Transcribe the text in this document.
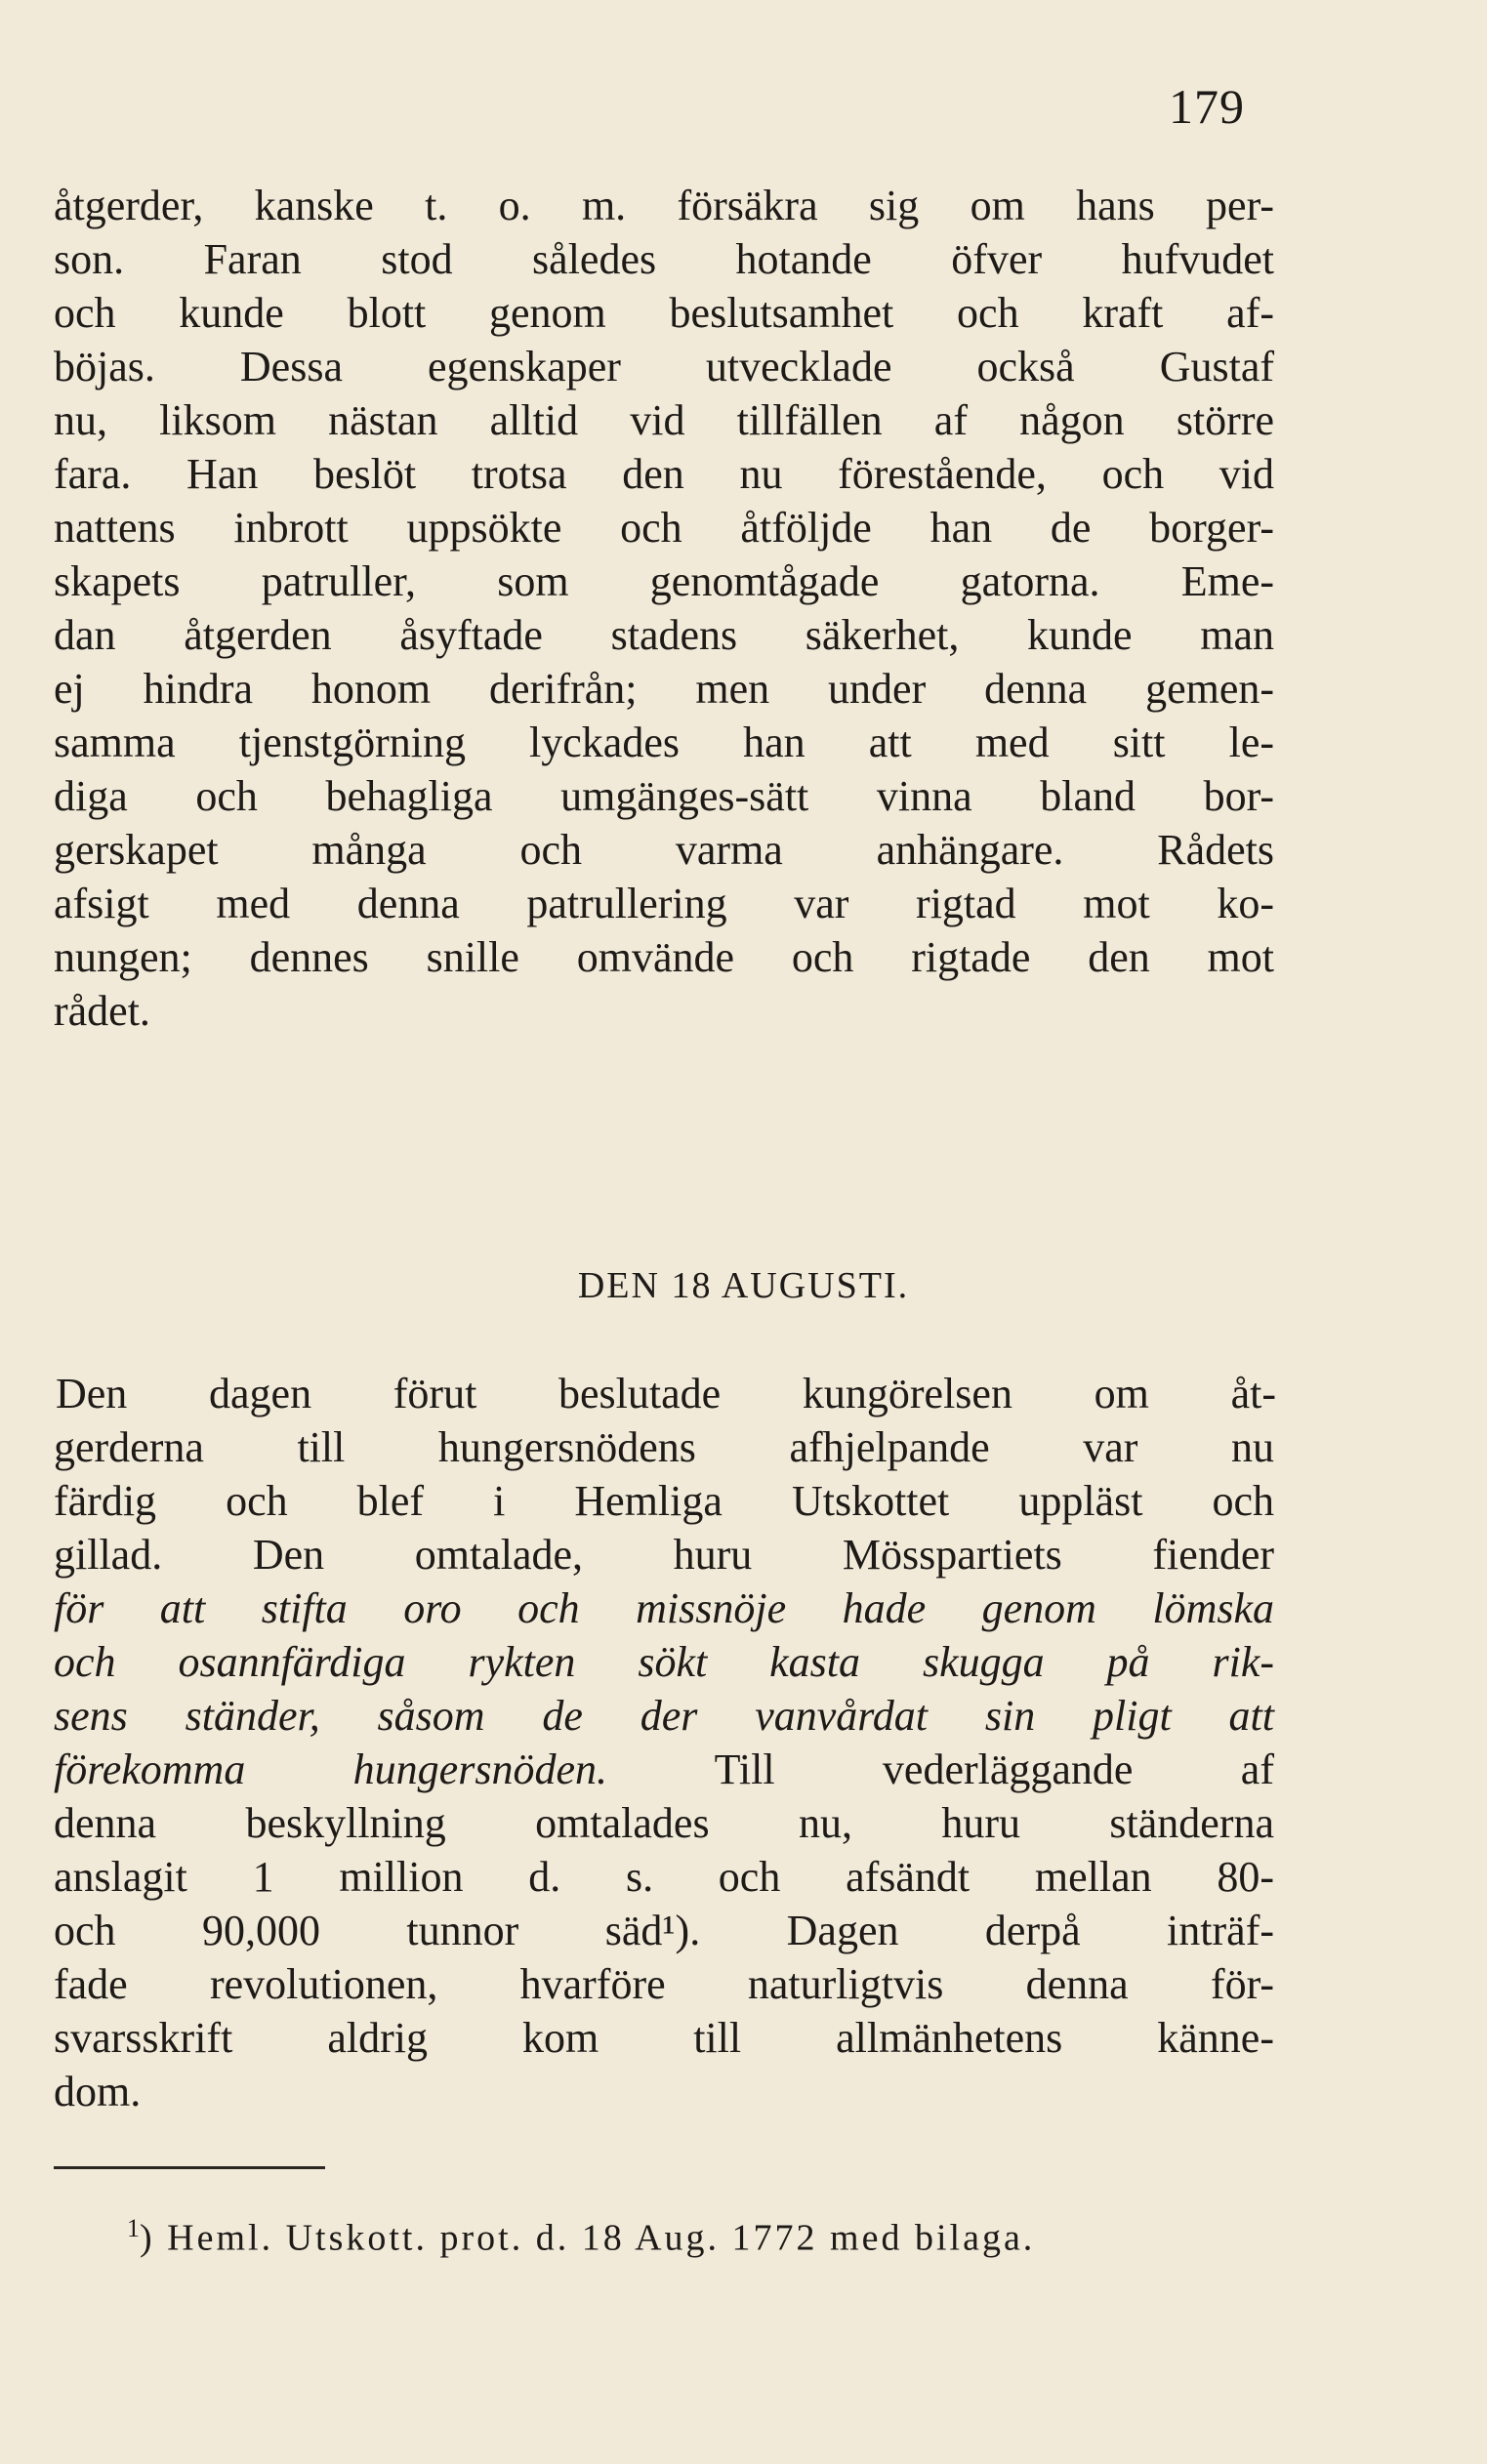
179
åtgerder, kanske t. o. m. försäkra sig om hans per-
son. Faran stod således hotande öfver hufvudet
och kunde blott genom beslutsamhet och kraft af-
böjas. Dessa egenskaper utvecklade också Gustaf
nu, liksom nästan alltid vid tillfällen af någon större
fara. Han beslöt trotsa den nu förestående, och vid
nattens inbrott uppsökte och åtföljde han de borger-
skapets patruller, som genomtågade gatorna. Eme-
dan åtgerden åsyftade stadens säkerhet, kunde man
ej hindra honom derifrån; men under denna gemen-
samma tjenstgörning lyckades han att med sitt le-
diga och behagliga umgänges-sätt vinna bland bor-
gerskapet många och varma anhängare. Rådets
afsigt med denna patrullering var rigtad mot ko-
nungen; dennes snille omvände och rigtade den mot
rådet.
DEN 18 AUGUSTI.
Den dagen förut beslutade kungörelsen om åt-
gerderna till hungersnödens afhjelpande var nu
färdig och blef i Hemliga Utskottet uppläst och
gillad. Den omtalade, huru Mösspartiets fiender
för att stifta oro och missnöje hade genom lömska
och osannfärdiga rykten sökt kasta skugga på rik-
sens ständer, såsom de der vanvårdat sin pligt att
förekomma hungersnöden. Till vederläggande af
denna beskyllning omtalades nu, huru ständerna
anslagit 1 million d. s. och afsändt mellan 80-
och 90,000 tunnor säd¹). Dagen derpå inträf-
fade revolutionen, hvarföre naturligtvis denna för-
svarsskrift aldrig kom till allmänhetens känne-
dom.
$^1$) Heml. Utskott. prot. d. 18 Aug. 1772 med bilaga.
